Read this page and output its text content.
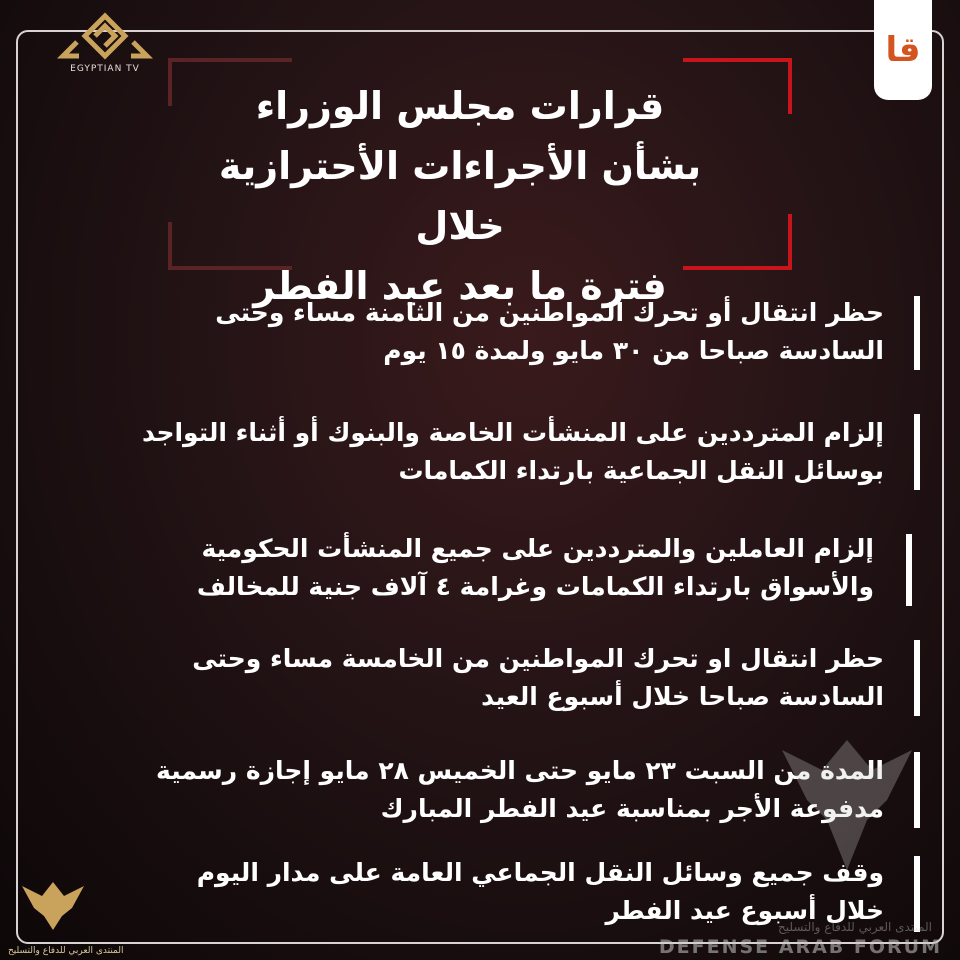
EGYPTIAN TV	قا
قرارات مجلس الوزراء
بشأن الأجراءات الأحترازية خلال
فترة ما بعد عيد الفطر
حظر انتقال أو تحرك المواطنين من الثامنة مساء وحتى
السادسة صباحا من ٣٠ مايو ولمدة ١٥ يوم
إلزام المترددين على المنشأت الخاصة والبنوك أو أثناء التواجد
بوسائل النقل الجماعية بارتداء الكمامات
إلزام العاملين والمترددين على جميع المنشأت الحكومية
والأسواق بارتداء الكمامات وغرامة ٤ آلاف جنية للمخالف
حظر انتقال او تحرك المواطنين من الخامسة مساء وحتى
السادسة صباحا خلال أسبوع العيد
المدة من السبت ٢٣ مايو حتى الخميس ٢٨ مايو إجازة رسمية
مدفوعة الأجر بمناسبة عيد الفطر المبارك
وقف جميع وسائل النقل الجماعي العامة على مدار اليوم
خلال أسبوع عيد الفطر
المنتدى العربي للدفاع والتسليح
DEFENSE ARAB FORUM
المنتدى العربي للدفاع والتسليح
